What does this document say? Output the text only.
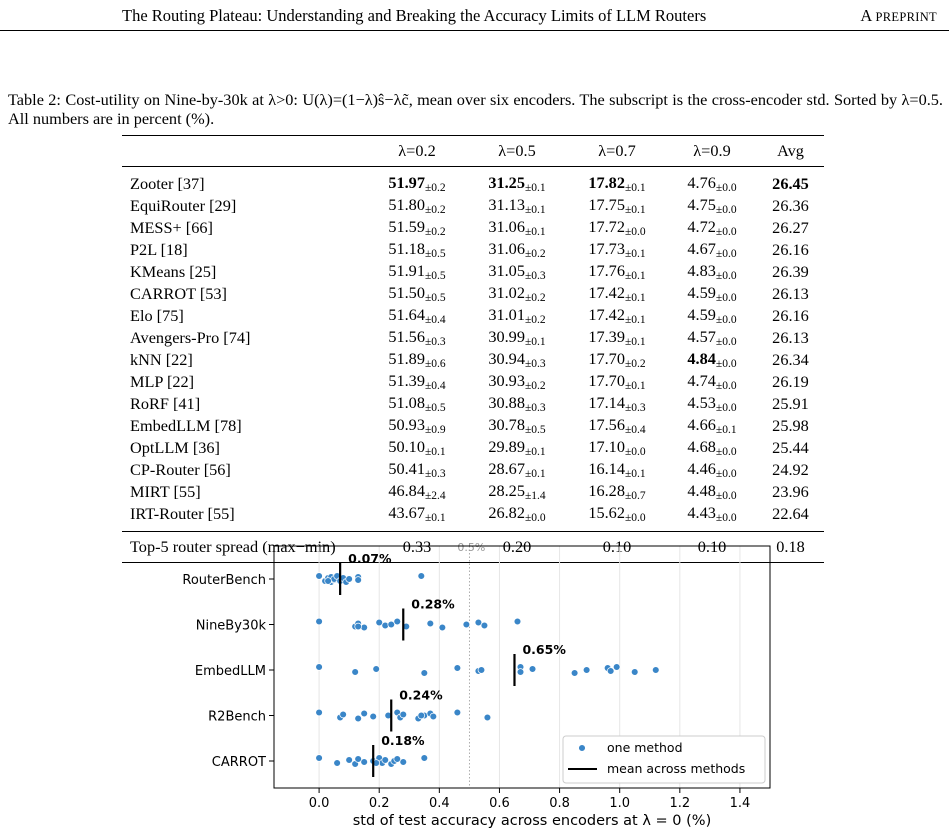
The Routing Plateau: Understanding and Breaking the Accuracy Limits of LLM Routers	A PREPRINT
Table 2: Cost-utility on Nine-by-30k at λ>0: U(λ)=(1−λ)ŝ−λc̃, mean over six encoders. The subscript is the cross-encoder std. Sorted by λ=0.5. All numbers are in percent (%).
	λ=0.2	λ=0.5	λ=0.7	λ=0.9	Avg
Zooter [37]	51.97±0.2	31.25±0.1	17.82±0.1	4.76±0.0	26.45
EquiRouter [29]	51.80±0.2	31.13±0.1	17.75±0.1	4.75±0.0	26.36
MESS+ [66]	51.59±0.2	31.06±0.1	17.72±0.0	4.72±0.0	26.27
P2L [18]	51.18±0.5	31.06±0.2	17.73±0.1	4.67±0.0	26.16
KMeans [25]	51.91±0.5	31.05±0.3	17.76±0.1	4.83±0.0	26.39
CARROT [53]	51.50±0.5	31.02±0.2	17.42±0.1	4.59±0.0	26.13
Elo [75]	51.64±0.4	31.01±0.2	17.42±0.1	4.59±0.0	26.16
Avengers-Pro [74]	51.56±0.3	30.99±0.1	17.39±0.1	4.57±0.0	26.13
kNN [22]	51.89±0.6	30.94±0.3	17.70±0.2	4.84±0.0	26.34
MLP [22]	51.39±0.4	30.93±0.2	17.70±0.1	4.74±0.0	26.19
RoRF [41]	51.08±0.5	30.88±0.3	17.14±0.3	4.53±0.0	25.91
EmbedLLM [78]	50.93±0.9	30.78±0.5	17.56±0.4	4.66±0.1	25.98
OptLLM [36]	50.10±0.1	29.89±0.1	17.10±0.0	4.68±0.0	25.44
CP-Router [56]	50.41±0.3	28.67±0.1	16.14±0.1	4.46±0.0	24.92
MIRT [55]	46.84±2.4	28.25±1.4	16.28±0.7	4.48±0.0	23.96
IRT-Router [55]	43.67±0.1	26.82±0.0	15.62±0.0	4.43±0.0	22.64
Top-5 router spread (max−min)	0.33	0.20	0.10	0.10	0.18
0.5%
0.0	0.2	0.4	0.6	0.8	1.0	1.2	1.4
std of test accuracy across encoders at λ = 0 (%)
RouterBench
0.07%
NineBy30k
0.28%
EmbedLLM
0.65%
R2Bench
0.24%
CARROT
0.18%	one method
mean across methods
